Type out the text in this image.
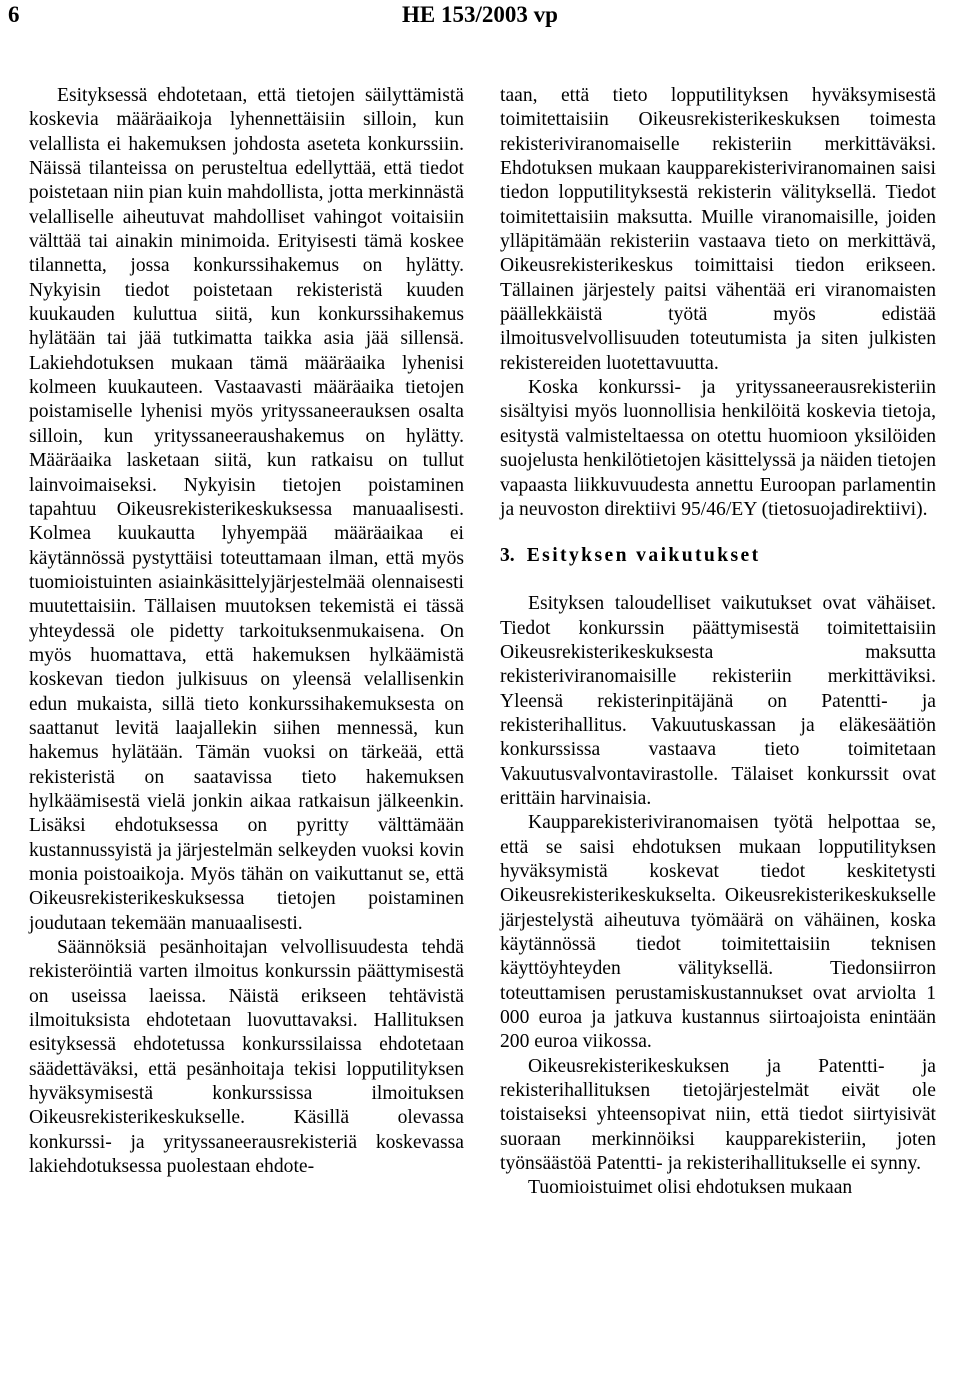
6	HE 153/2003 vp

Esityksessä ehdotetaan, että tietojen säilyttämistä koskevia määräaikoja lyhennettäisiin silloin, kun velallista ei hakemuksen johdosta aseteta konkurssiin. Näissä tilanteissa on perusteltua edellyttää, että tiedot poistetaan niin pian kuin mahdollista, jotta merkinnästä velalliselle aiheutuvat mahdolliset vahingot voitaisiin välttää tai ainakin minimoida. Erityisesti tämä koskee tilannetta, jossa konkurssihakemus on hylätty. Nykyisin tiedot poistetaan rekisteristä kuuden kuukauden kuluttua siitä, kun konkurssihakemus hylätään tai jää tutkimatta taikka asia jää sillensä. Lakiehdotuksen mukaan tämä määräaika lyhenisi kolmeen kuukauteen. Vastaavasti määräaika tietojen poistamiselle lyhenisi myös yrityssaneerauksen osalta silloin, kun yrityssaneeraushakemus on hylätty. Määräaika lasketaan siitä, kun ratkaisu on tullut lainvoimaiseksi. Nykyisin tietojen poistaminen tapahtuu Oikeusrekisterikeskuksessa manuaalisesti. Kolmea kuukautta lyhyempää määräaikaa ei käytännössä pystyttäisi toteuttamaan ilman, että myös tuomioistuinten asiainkäsittelyjärjestelmää olennaisesti muutettaisiin. Tällaisen muutoksen tekemistä ei tässä yhteydessä ole pidetty tarkoituksenmukaisena. On myös huomattava, että hakemuksen hylkäämistä koskevan tiedon julkisuus on yleensä velallisenkin edun mukaista, sillä tieto konkurssihakemuksesta on saattanut levitä laajallekin siihen mennessä, kun hakemus hylätään. Tämän vuoksi on tärkeää, että rekisteristä on saatavissa tieto hakemuksen hylkäämisestä vielä jonkin aikaa ratkaisun jälkeenkin. Lisäksi ehdotuksessa on pyritty välttämään kustannussyistä ja järjestelmän selkeyden vuoksi kovin monia poistoaikoja. Myös tähän on vaikuttanut se, että Oikeusrekisterikeskuksessa tietojen poistaminen joudutaan tekemään manuaalisesti.

Säännöksiä pesänhoitajan velvollisuudesta tehdä rekisteröintiä varten ilmoitus konkurssin päättymisestä on useissa laeissa. Näistä erikseen tehtävistä ilmoituksista ehdotetaan luovuttavaksi. Hallituksen esityksessä ehdotetussa konkurssilaissa ehdotetaan säädettäväksi, että pesänhoitaja tekisi lopputilityksen hyväksymisestä konkurssissa ilmoituksen Oikeusrekisterikeskukselle. Käsillä olevassa konkurssi- ja yrityssaneerausrekisteriä koskevassa lakiehdotuksessa puolestaan ehdote-

taan, että tieto lopputilityksen hyväksymisestä toimitettaisiin Oikeusrekisterikeskuksen toimesta rekisteriviranomaiselle rekisteriin merkittäväksi. Ehdotuksen mukaan kaupparekisteriviranomainen saisi tiedon lopputilityksestä rekisterin välityksellä. Tiedot toimitettaisiin maksutta. Muille viranomaisille, joiden ylläpitämään rekisteriin vastaava tieto on merkittävä, Oikeusrekisterikeskus toimittaisi tiedon erikseen. Tällainen järjestely paitsi vähentää eri viranomaisten päällekkäistä työtä myös edistää ilmoitusvelvollisuuden toteutumista ja siten julkisten rekistereiden luotettavuutta.

Koska konkurssi- ja yrityssaneerausrekisteriin sisältyisi myös luonnollisia henkilöitä koskevia tietoja, esitystä valmisteltaessa on otettu huomioon yksilöiden suojelusta henkilötietojen käsittelyssä ja näiden tietojen vapaasta liikkuvuudesta annettu Euroopan parlamentin ja neuvoston direktiivi 95/46/EY (tietosuojadirektiivi).

3. Esityksen vaikutukset

Esityksen taloudelliset vaikutukset ovat vähäiset. Tiedot konkurssin päättymisestä toimitettaisiin Oikeusrekisterikeskuksesta maksutta rekisteriviranomaisille rekisteriin merkittäviksi. Yleensä rekisterinpitäjänä on Patentti- ja rekisterihallitus. Vakuutuskassan ja eläkesäätiön konkurssissa vastaava tieto toimitetaan Vakuutusvalvontavirastolle. Tälaiset konkurssit ovat erittäin harvinaisia.

Kaupparekisteriviranomaisen työtä helpottaa se, että se saisi ehdotuksen mukaan lopputilityksen hyväksymistä koskevat tiedot keskitetysti Oikeusrekisterikeskukselta. Oikeusrekisterikeskukselle järjestelystä aiheutuva työmäärä on vähäinen, koska käytännössä tiedot toimitettaisiin teknisen käyttöyhteyden välityksellä. Tiedonsiirron toteuttamisen perustamiskustannukset ovat arviolta 1 000 euroa ja jatkuva kustannus siirtoajoista enintään 200 euroa viikossa.

Oikeusrekisterikeskuksen ja Patentti- ja rekisterihallituksen tietojärjestelmät eivät ole toistaiseksi yhteensopivat niin, että tiedot siirtyisivät suoraan merkinnöiksi kaupparekisteriin, joten työnsäästöä Patentti- ja rekisterihallitukselle ei synny.

Tuomioistuimet olisi ehdotuksen mukaan
